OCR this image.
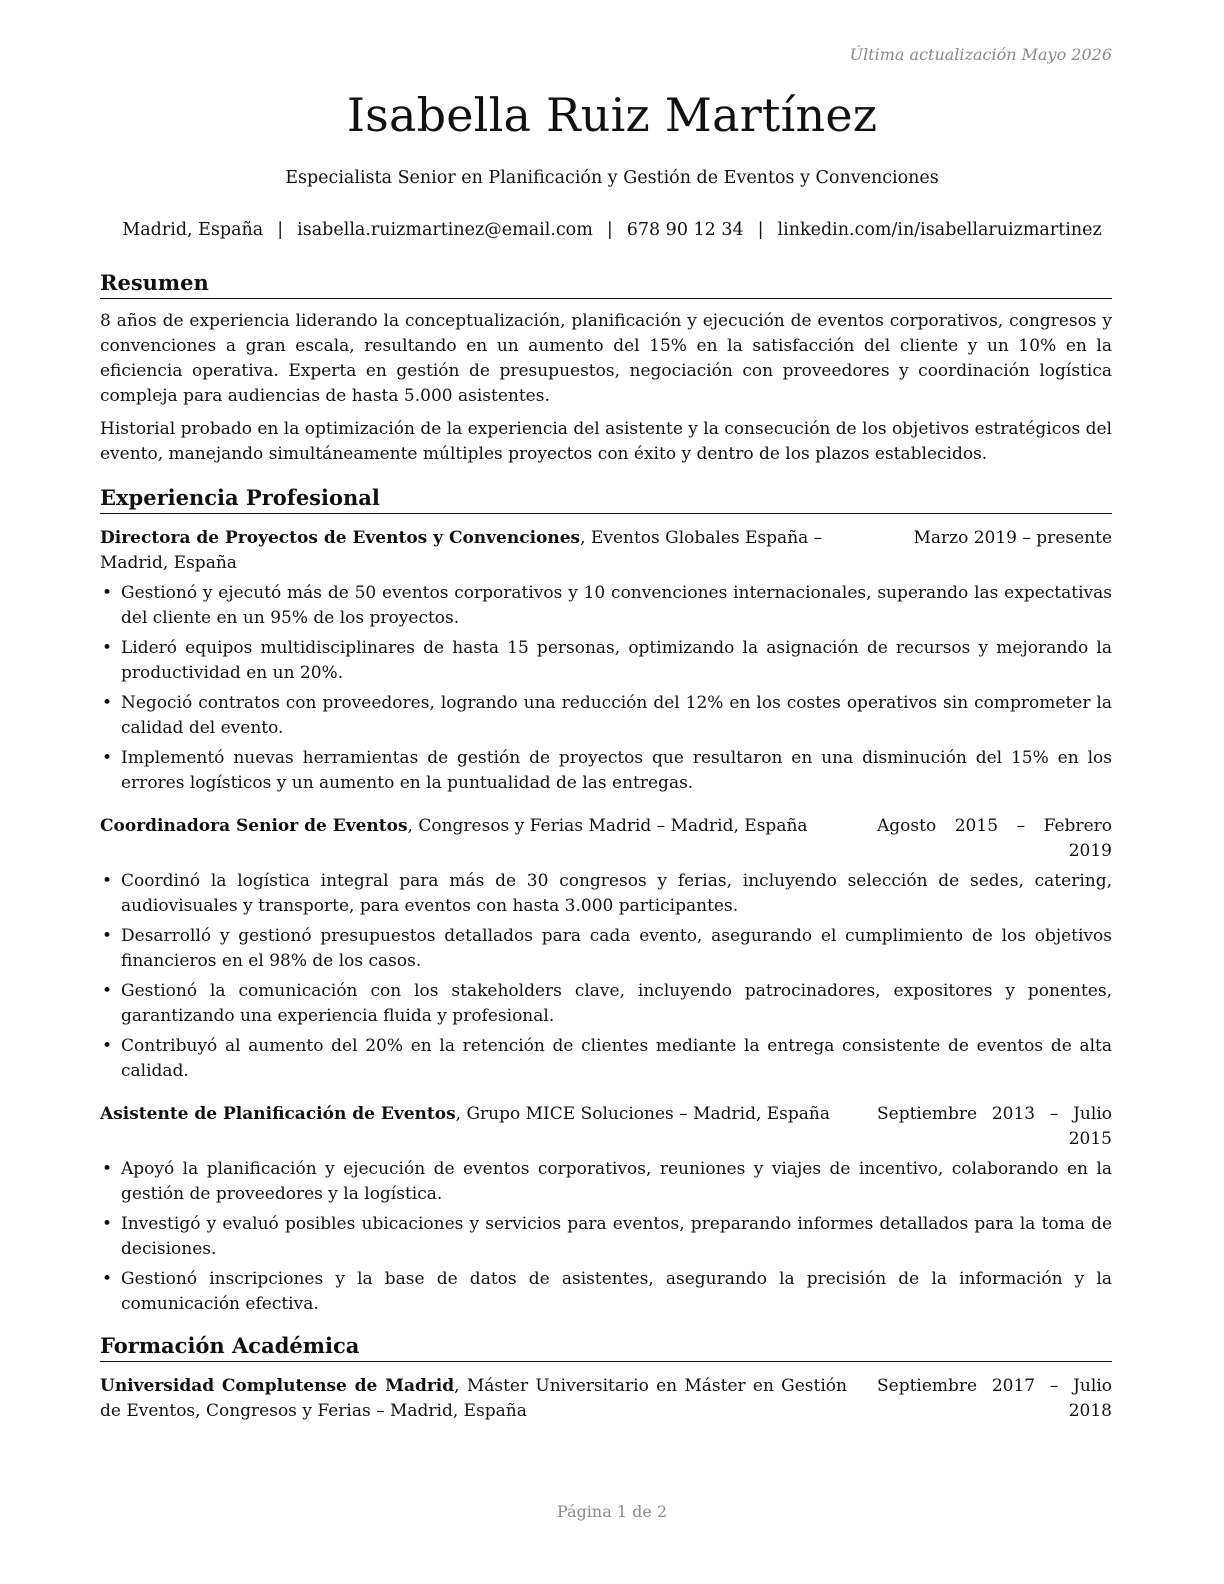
Última actualización Mayo 2026
Isabella Ruiz Martínez
Especialista Senior en Planificación y Gestión de Eventos y Convenciones
Madrid, España | isabella.ruizmartinez@email.com | 678 90 12 34 | linkedin.com/in/isabellaruizmartinez
Resumen

8 años de experiencia liderando la conceptualización, planificación y ejecución de eventos corporativos, congresos y convenciones a gran escala, resultando en un aumento del 15% en la satisfacción del cliente y un 10% en la eficiencia operativa. Experta en gestión de presupuestos, negociación con proveedores y coordinación logística compleja para audiencias de hasta 5.000 asistentes.

Historial probado en la optimización de la experiencia del asistente y la consecución de los objetivos estratégicos del evento, manejando simultáneamente múltiples proyectos con éxito y dentro de los plazos establecidos.

Experiencia Profesional
Directora de Proyectos de Eventos y Convenciones, Eventos Globales España – Madrid, España
Marzo 2019 – presente
• Gestionó y ejecutó más de 50 eventos corporativos y 10 convenciones internacionales, superando las expectativas del cliente en un 95% de los proyectos.
• Lideró equipos multidisciplinares de hasta 15 personas, optimizando la asignación de recursos y mejorando la productividad en un 20%.
• Negoció contratos con proveedores, logrando una reducción del 12% en los costes operativos sin comprometer la calidad del evento.
• Implementó nuevas herramientas de gestión de proyectos que resultaron en una disminución del 15% en los errores logísticos y un aumento en la puntualidad de las entregas.
Coordinadora Senior de Eventos, Congresos y Ferias Madrid – Madrid, España	Agosto 2015 – Febrero 2019
• Coordinó la logística integral para más de 30 congresos y ferias, incluyendo selección de sedes, catering, audiovisuales y transporte, para eventos con hasta 3.000 participantes.
• Desarrolló y gestionó presupuestos detallados para cada evento, asegurando el cumplimiento de los objetivos financieros en el 98% de los casos.
• Gestionó la comunicación con los stakeholders clave, incluyendo patrocinadores, expositores y ponentes, garantizando una experiencia fluida y profesional.
• Contribuyó al aumento del 20% en la retención de clientes mediante la entrega consistente de eventos de alta calidad.
Asistente de Planificación de Eventos, Grupo MICE Soluciones – Madrid, España	Septiembre 2013 – Julio 2015
• Apoyó la planificación y ejecución de eventos corporativos, reuniones y viajes de incentivo, colaborando en la gestión de proveedores y la logística.
• Investigó y evaluó posibles ubicaciones y servicios para eventos, preparando informes detallados para la toma de decisiones.
• Gestionó inscripciones y la base de datos de asistentes, asegurando la precisión de la información y la comunicación efectiva.
Formación Académica
Universidad Complutense de Madrid, Máster Universitario en Máster en Gestión de Eventos, Congresos y Ferias – Madrid, España
Septiembre 2017 – Julio 2018
Página 1 de 2
